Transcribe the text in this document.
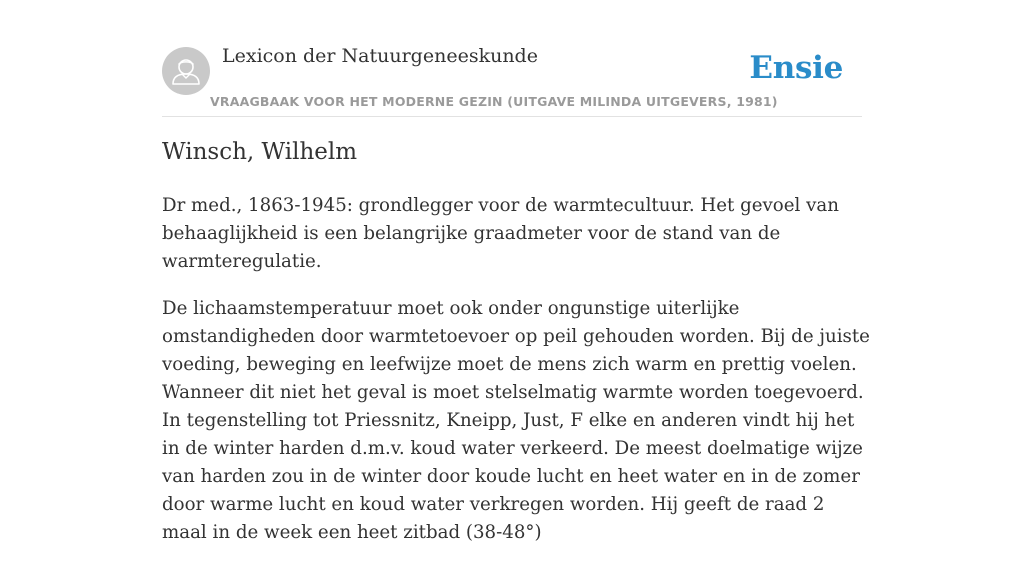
Lexicon der Natuurgeneeskunde
VRAAGBAAK VOOR HET MODERNE GEZIN (UITGAVE MILINDA UITGEVERS, 1981)
Ensie
Winsch, Wilhelm

Dr med., 1863-1945: grondlegger voor de warmtecultuur. Het gevoel van behaaglijkheid is een belangrijke graadmeter voor de stand van de warmteregulatie.

De lichaamstemperatuur moet ook onder ongunstige uiterlijke omstandigheden door warmtetoevoer op peil gehouden worden. Bij de juiste voeding, beweging en leefwijze moet de mens zich warm en prettig voelen. Wanneer dit niet het geval is moet stelselmatig warmte worden toegevoerd. In tegenstelling tot Priessnitz, Kneipp, Just, F elke en anderen vindt hij het in de winter harden d.m.v. koud water verkeerd. De meest doelmatige wijze van harden zou in de winter door koude lucht en heet water en in de zomer door warme lucht en koud water verkregen worden. Hij geeft de raad 2 maal in de week een heet zitbad (38-48°)
